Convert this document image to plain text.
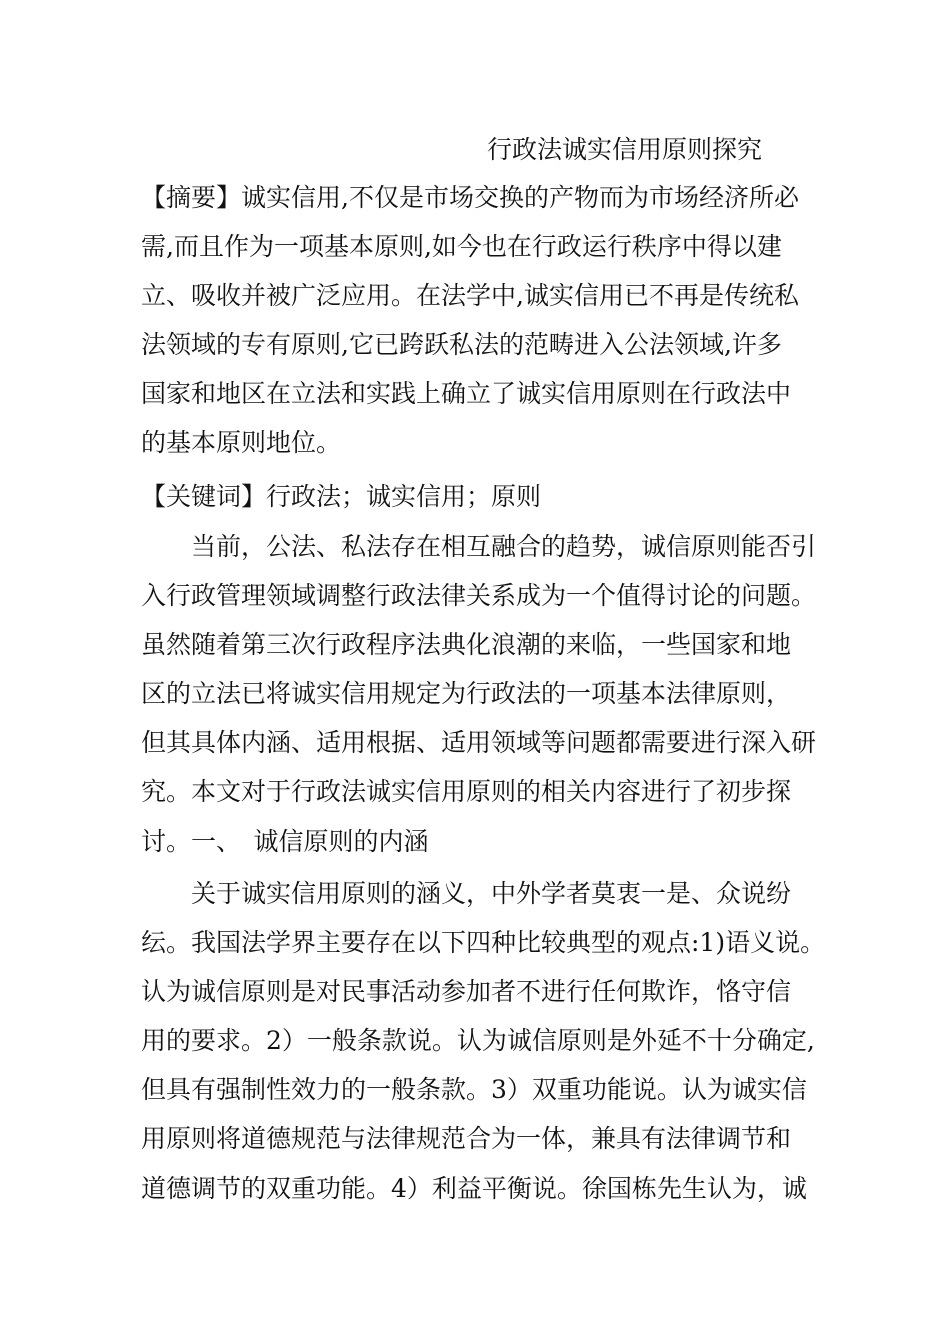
行政法诚实信用原则探究
【摘要】诚实信用,不仅是市场交换的产物而为市场经济所必
需,而且作为一项基本原则,如今也在行政运行秩序中得以建
立、吸收并被广泛应用。在法学中,诚实信用已不再是传统私
法领域的专有原则,它已跨跃私法的范畴进入公法领域,许多
国家和地区在立法和实践上确立了诚实信用原则在行政法中
的基本原则地位。
【关键词】行政法；诚实信用；原则
　　当前，公法、私法存在相互融合的趋势，诚信原则能否引
入行政管理领域调整行政法律关系成为一个值得讨论的问题。
虽然随着第三次行政程序法典化浪潮的来临，一些国家和地
区的立法已将诚实信用规定为行政法的一项基本法律原则，
但其具体内涵、适用根据、适用领域等问题都需要进行深入研
究。本文对于行政法诚实信用原则的相关内容进行了初步探
讨。一、　诚信原则的内涵
　　关于诚实信用原则的涵义，中外学者莫衷一是、众说纷
纭。我国法学界主要存在以下四种比较典型的观点:1)语义说。
认为诚信原则是对民事活动参加者不进行任何欺诈，恪守信
用的要求。2）一般条款说。认为诚信原则是外延不十分确定,
但具有强制性效力的一般条款。3）双重功能说。认为诚实信
用原则将道德规范与法律规范合为一体，兼具有法律调节和
道德调节的双重功能。4）利益平衡说。徐国栋先生认为，诚
